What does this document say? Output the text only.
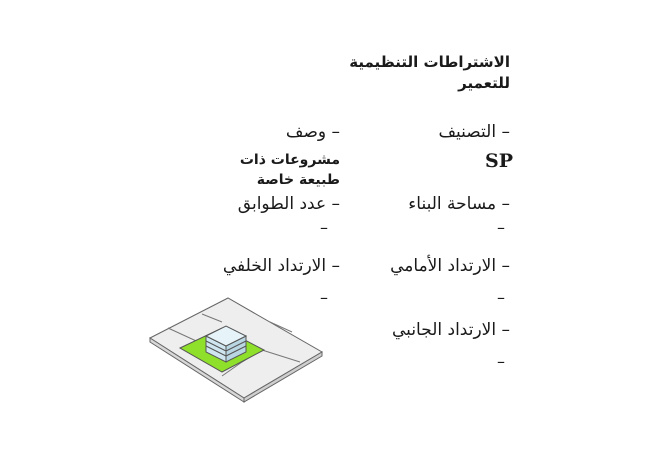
الاشتراطات التنظيمية
للتعمير
– التصنيف
SP
– مساحة البناء
–
– الارتداد الأمامي
–
– الارتداد الجانبي
–
– وصف
مشروعات ذات
طبيعة خاصة
– عدد الطوابق
–
– الارتداد الخلفي
–
